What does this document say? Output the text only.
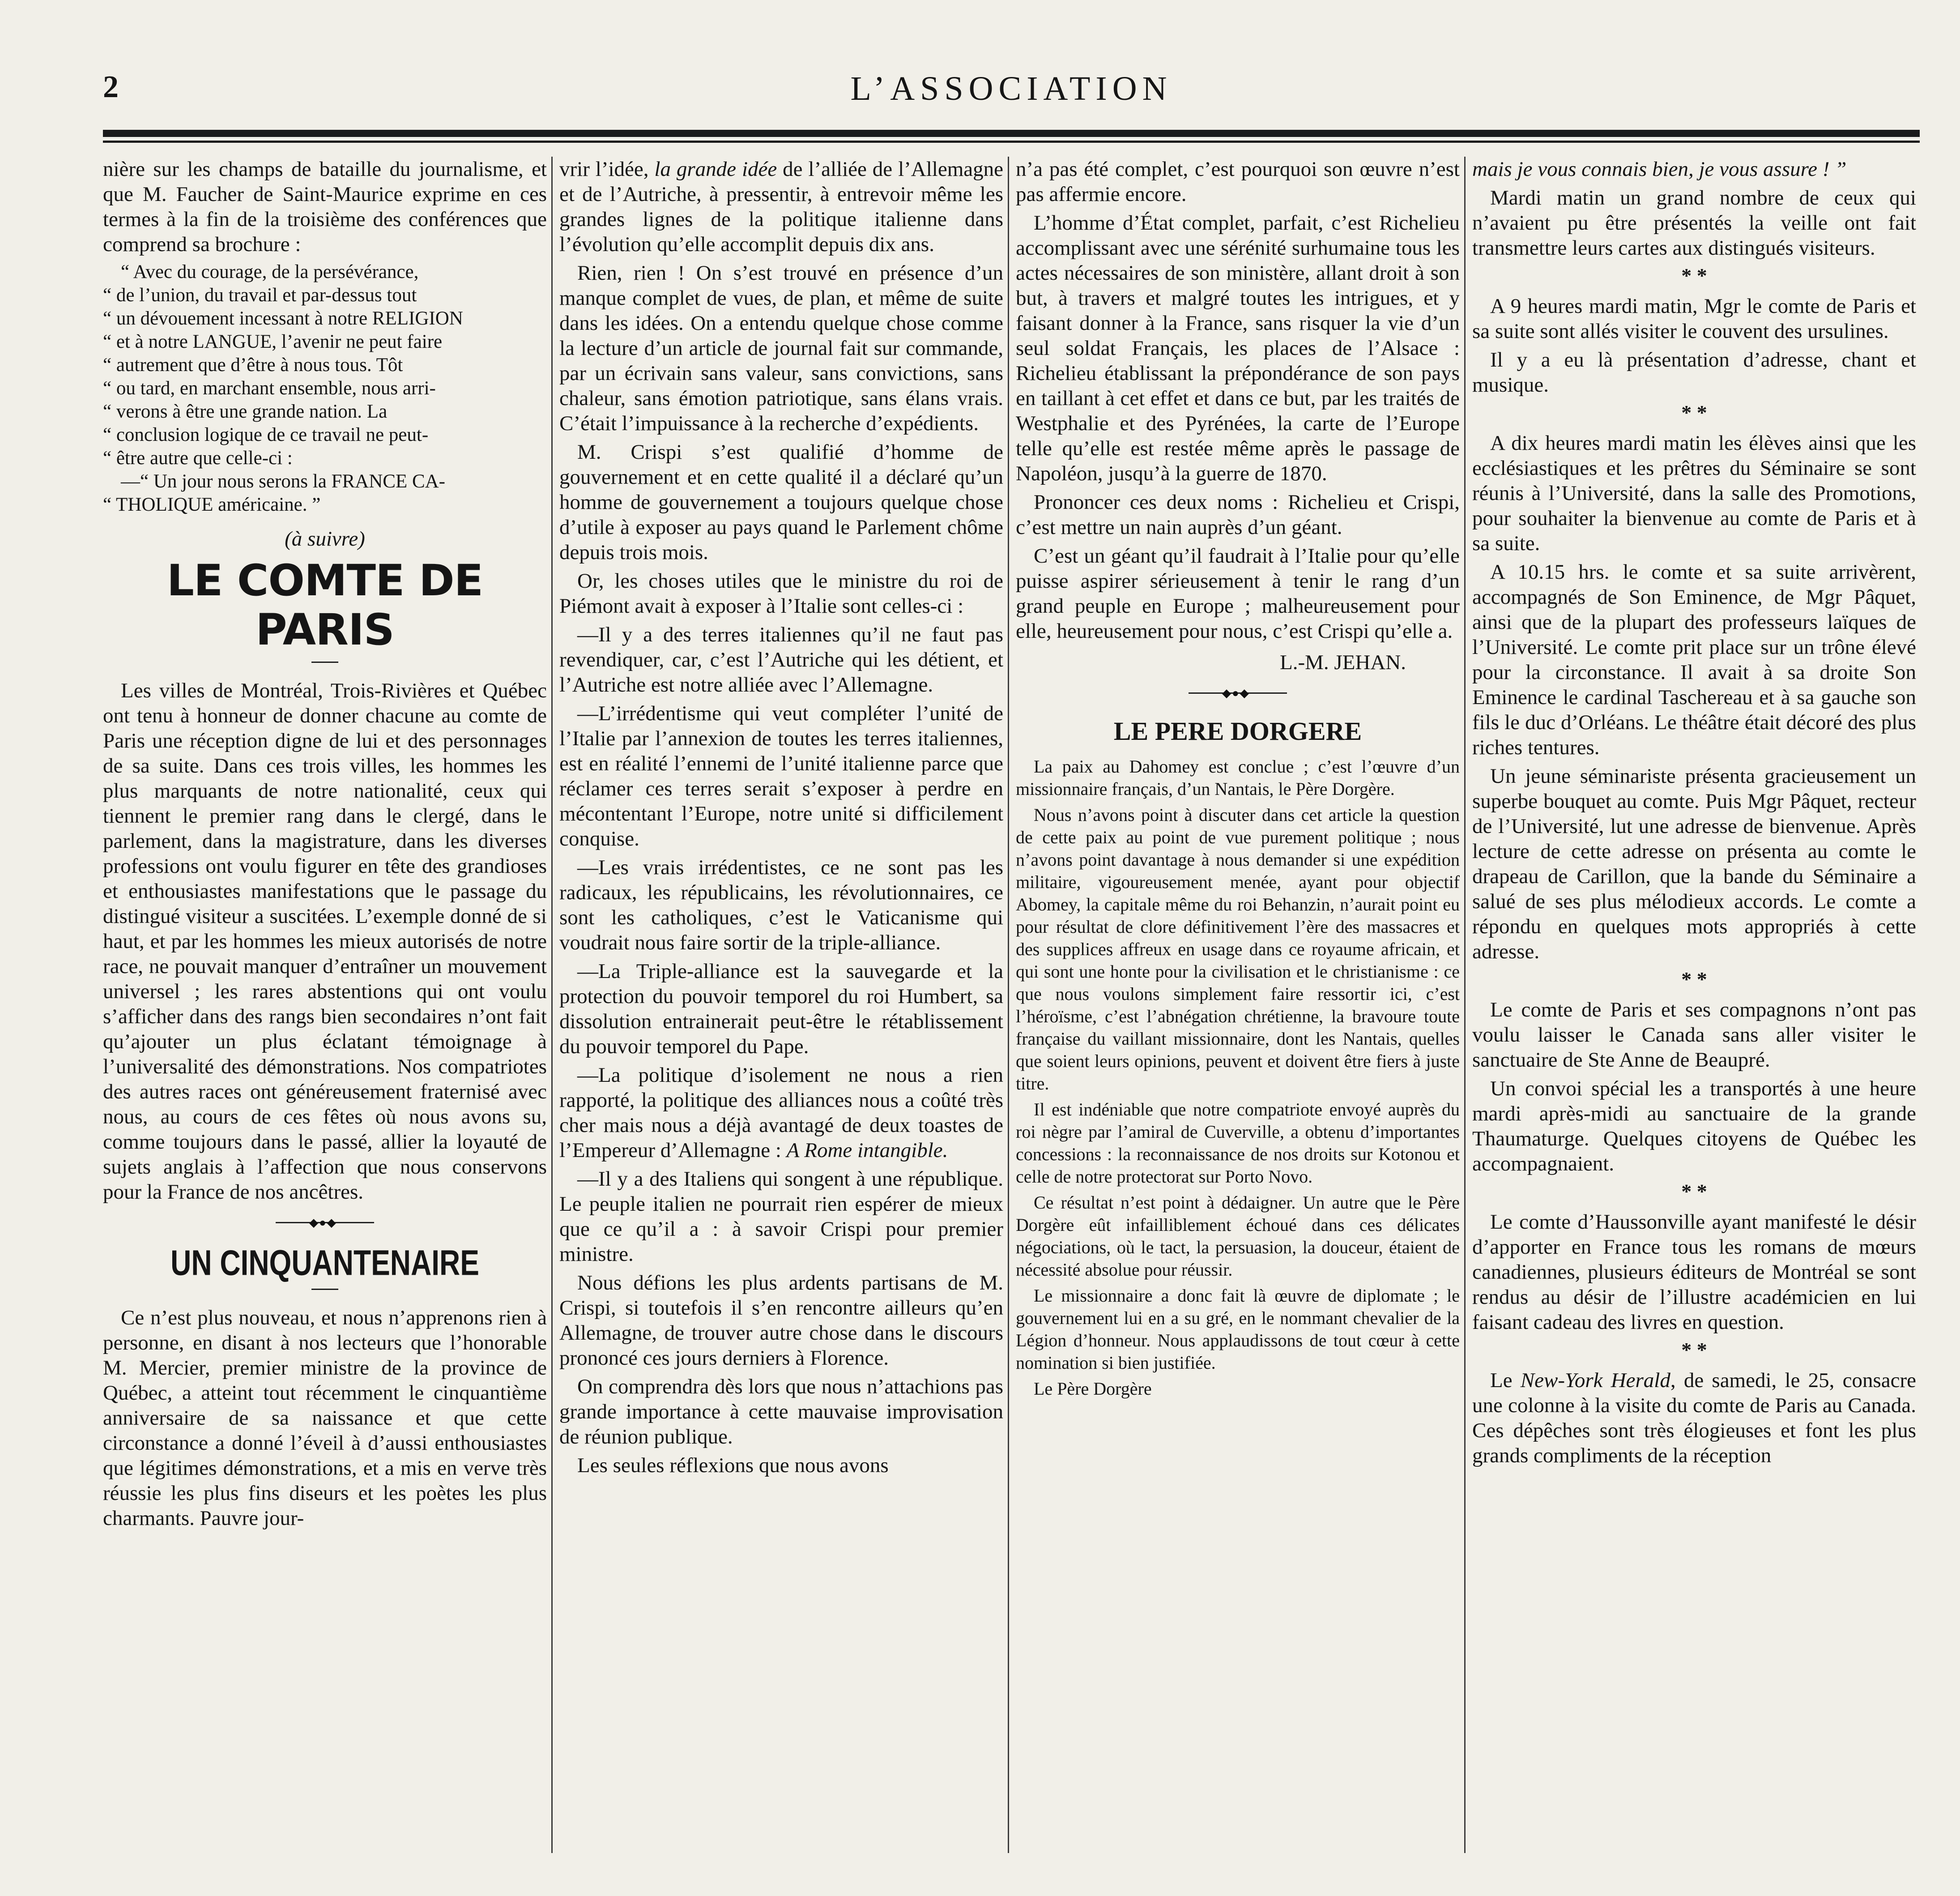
2	L’ASSOCIATION

nière sur les champs de bataille du journalisme, et que M. Faucher de Saint-Maurice exprime en ces termes à la fin de la troisième des conférences que comprend sa brochure :

“ Avec du courage, de la persévérance,

“ de l’union, du travail et par-dessus tout

“ un dévouement incessant à notre RELIGION

“ et à notre LANGUE, l’avenir ne peut faire

“ autrement que d’être à nous tous. Tôt

“ ou tard, en marchant ensemble, nous arri-

“ verons à être une grande nation. La

“ conclusion logique de ce travail ne peut-

“ être autre que celle-ci :

—“ Un jour nous serons la FRANCE CA-

“ THOLIQUE américaine. ”

(à suivre)
LE COMTE DE PARIS

Les villes de Montréal, Trois-Rivières et Québec ont tenu à honneur de donner chacune au comte de Paris une réception digne de lui et des personnages de sa suite. Dans ces trois villes, les hommes les plus marquants de notre nationalité, ceux qui tiennent le premier rang dans le clergé, dans le parlement, dans la magistrature, dans les diverses professions ont voulu figurer en tête des grandioses et enthousiastes manifestations que le passage du distingué visiteur a suscitées. L’exemple donné de si haut, et par les hommes les mieux autorisés de notre race, ne pouvait manquer d’entraîner un mouvement universel ; les rares abstentions qui ont voulu s’afficher dans des rangs bien secondaires n’ont fait qu’ajouter un plus éclatant témoignage à l’universalité des démonstrations. Nos compatriotes des autres races ont généreusement fraternisé avec nous, au cours de ces fêtes où nous avons su, comme toujours dans le passé, allier la loyauté de sujets anglais à l’affection que nous conservons pour la France de nos ancêtres.

◆●◆
UN CINQUANTENAIRE

Ce n’est plus nouveau, et nous n’apprenons rien à personne, en disant à nos lecteurs que l’honorable M. Mercier, premier ministre de la province de Québec, a atteint tout récemment le cinquantième anniversaire de sa naissance et que cette circonstance a donné l’éveil à d’aussi enthousiastes que légitimes démonstrations, et a mis en verve très réussie les plus fins diseurs et les poètes les plus charmants. Pauvre jour-

vrir l’idée, la grande idée de l’alliée de l’Allemagne et de l’Autriche, à pressentir, à entrevoir même les grandes lignes de la politique italienne dans l’évolution qu’elle accomplit depuis dix ans.

Rien, rien ! On s’est trouvé en présence d’un manque complet de vues, de plan, et même de suite dans les idées. On a entendu quelque chose comme la lecture d’un article de journal fait sur commande, par un écrivain sans valeur, sans convictions, sans chaleur, sans émotion patriotique, sans élans vrais. C’était l’impuissance à la recherche d’expédients.

M. Crispi s’est qualifié d’homme de gouvernement et en cette qualité il a déclaré qu’un homme de gouvernement a toujours quelque chose d’utile à exposer au pays quand le Parlement chôme depuis trois mois.

Or, les choses utiles que le ministre du roi de Piémont avait à exposer à l’Italie sont celles-ci :

—Il y a des terres italiennes qu’il ne faut pas revendiquer, car, c’est l’Autriche qui les détient, et l’Autriche est notre alliée avec l’Allemagne.

—L’irrédentisme qui veut compléter l’unité de l’Italie par l’annexion de toutes les terres italiennes, est en réalité l’ennemi de l’unité italienne parce que réclamer ces terres serait s’exposer à perdre en mécontentant l’Europe, notre unité si difficilement conquise.

—Les vrais irrédentistes, ce ne sont pas les radicaux, les républicains, les révolutionnaires, ce sont les catholiques, c’est le Vaticanisme qui voudrait nous faire sortir de la triple-alliance.

—La Triple-alliance est la sauvegarde et la protection du pouvoir temporel du roi Humbert, sa dissolution entrainerait peut-être le rétablissement du pouvoir temporel du Pape.

—La politique d’isolement ne nous a rien rapporté, la politique des alliances nous a coûté très cher mais nous a déjà avantagé de deux toastes de l’Empereur d’Allemagne : A Rome intangible.

—Il y a des Italiens qui songent à une république. Le peuple italien ne pourrait rien espérer de mieux que ce qu’il a : à savoir Crispi pour premier ministre.

Nous défions les plus ardents partisans de M. Crispi, si toutefois il s’en rencontre ailleurs qu’en Allemagne, de trouver autre chose dans le discours prononcé ces jours derniers à Florence.

On comprendra dès lors que nous n’attachions pas grande importance à cette mauvaise improvisation de réunion publique.

Les seules réflexions que nous avons

n’a pas été complet, c’est pourquoi son œuvre n’est pas affermie encore.

L’homme d’État complet, parfait, c’est Richelieu accomplissant avec une sérénité surhumaine tous les actes nécessaires de son ministère, allant droit à son but, à travers et malgré toutes les intrigues, et y faisant donner à la France, sans risquer la vie d’un seul soldat Français, les places de l’Alsace : Richelieu établissant la prépondérance de son pays en taillant à cet effet et dans ce but, par les traités de Westphalie et des Pyrénées, la carte de l’Europe telle qu’elle est restée même après le passage de Napoléon, jusqu’à la guerre de 1870.

Prononcer ces deux noms : Richelieu et Crispi, c’est mettre un nain auprès d’un géant.

C’est un géant qu’il faudrait à l’Italie pour qu’elle puisse aspirer sérieusement à tenir le rang d’un grand peuple en Europe ; malheureusement pour elle, heureusement pour nous, c’est Crispi qu’elle a.

L.-M. JEHAN.
◆●◆
LE PERE DORGERE

La paix au Dahomey est conclue ; c’est l’œuvre d’un missionnaire français, d’un Nantais, le Père Dorgère.

Nous n’avons point à discuter dans cet article la question de cette paix au point de vue purement politique ; nous n’avons point davantage à nous demander si une expédition militaire, vigoureusement menée, ayant pour objectif Abomey, la capitale même du roi Behanzin, n’aurait point eu pour résultat de clore définitivement l’ère des massacres et des supplices affreux en usage dans ce royaume africain, et qui sont une honte pour la civilisation et le christianisme : ce que nous voulons simplement faire ressortir ici, c’est l’héroïsme, c’est l’abnégation chrétienne, la bravoure toute française du vaillant missionnaire, dont les Nantais, quelles que soient leurs opinions, peuvent et doivent être fiers à juste titre.

Il est indéniable que notre compatriote envoyé auprès du roi nègre par l’amiral de Cuverville, a obtenu d’importantes concessions : la reconnaissance de nos droits sur Kotonou et celle de notre protectorat sur Porto Novo.

Ce résultat n’est point à dédaigner. Un autre que le Père Dorgère eût infailliblement échoué dans ces délicates négociations, où le tact, la persuasion, la douceur, étaient de nécessité absolue pour réussir.

Le missionnaire a donc fait là œuvre de diplomate ; le gouvernement lui en a su gré, en le nommant chevalier de la Légion d’honneur. Nous applaudissons de tout cœur à cette nomination si bien justifiée.

Le Père Dorgère

mais je vous connais bien, je vous assure ! ”

Mardi matin un grand nombre de ceux qui n’avaient pu être présentés la veille ont fait transmettre leurs cartes aux distingués visiteurs.

* *

A 9 heures mardi matin, Mgr le comte de Paris et sa suite sont allés visiter le couvent des ursulines.

Il y a eu là présentation d’adresse, chant et musique.

* *

A dix heures mardi matin les élèves ainsi que les ecclésiastiques et les prêtres du Séminaire se sont réunis à l’Université, dans la salle des Promotions, pour souhaiter la bienvenue au comte de Paris et à sa suite.

A 10.15 hrs. le comte et sa suite arrivèrent, accompagnés de Son Eminence, de Mgr Pâquet, ainsi que de la plupart des professeurs laïques de l’Université. Le comte prit place sur un trône élevé pour la circonstance. Il avait à sa droite Son Eminence le cardinal Taschereau et à sa gauche son fils le duc d’Orléans. Le théâtre était décoré des plus riches tentures.

Un jeune séminariste présenta gracieusement un superbe bouquet au comte. Puis Mgr Pâquet, recteur de l’Université, lut une adresse de bienvenue. Après lecture de cette adresse on présenta au comte le drapeau de Carillon, que la bande du Séminaire a salué de ses plus mélodieux accords. Le comte a répondu en quelques mots appropriés à cette adresse.

* *

Le comte de Paris et ses compagnons n’ont pas voulu laisser le Canada sans aller visiter le sanctuaire de Ste Anne de Beaupré.

Un convoi spécial les a transportés à une heure mardi après-midi au sanctuaire de la grande Thaumaturge. Quelques citoyens de Québec les accompagnaient.

* *

Le comte d’Haussonville ayant manifesté le désir d’apporter en France tous les romans de mœurs canadiennes, plusieurs éditeurs de Montréal se sont rendus au désir de l’illustre académicien en lui faisant cadeau des livres en question.

* *

Le New-York Herald, de samedi, le 25, consacre une colonne à la visite du comte de Paris au Canada. Ces dépêches sont très élogieuses et font les plus grands compliments de la réception
